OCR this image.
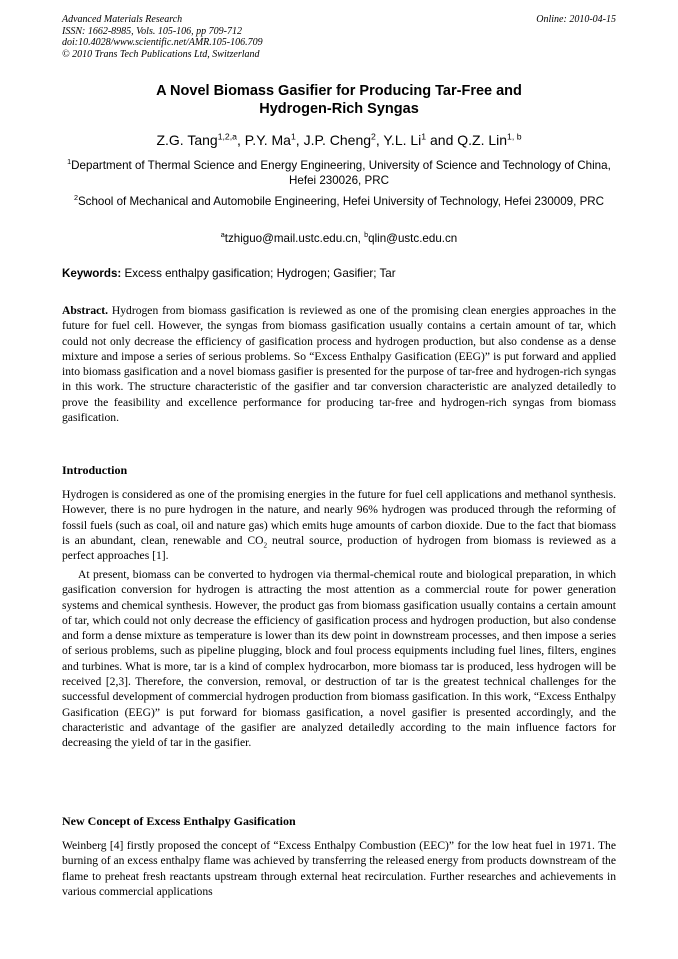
Advanced Materials Research
ISSN: 1662-8985, Vols. 105-106, pp 709-712
doi:10.4028/www.scientific.net/AMR.105-106.709
© 2010 Trans Tech Publications Ltd, Switzerland
Online: 2010-04-15
A Novel Biomass Gasifier for Producing Tar-Free and
Hydrogen-Rich Syngas
Z.G. Tang$^{1,2,a}$, P.Y. Ma$^1$, J.P. Cheng$^2$, Y.L. Li$^1$ and Q.Z. Lin$^{1, b}$
$^1$Department of Thermal Science and Energy Engineering, University of Science and Technology of China, Hefei 230026, PRC
$^2$School of Mechanical and Automobile Engineering, Hefei University of Technology, Hefei 230009, PRC
$^a$tzhiguo@mail.ustc.edu.cn, $^b$qlin@ustc.edu.cn
Keywords: Excess enthalpy gasification; Hydrogen; Gasifier; Tar
Abstract. Hydrogen from biomass gasification is reviewed as one of the promising clean energies approaches in the future for fuel cell. However, the syngas from biomass gasification usually contains a certain amount of tar, which could not only decrease the efficiency of gasification process and hydrogen production, but also condense as a dense mixture and impose a series of serious problems. So “Excess Enthalpy Gasification (EEG)” is put forward and applied into biomass gasification and a novel biomass gasifier is presented for the purpose of tar-free and hydrogen-rich syngas in this work. The structure characteristic of the gasifier and tar conversion characteristic are analyzed detailedly to prove the feasibility and excellence performance for producing tar-free and hydrogen-rich syngas from biomass gasification.
Introduction
Hydrogen is considered as one of the promising energies in the future for fuel cell applications and methanol synthesis. However, there is no pure hydrogen in the nature, and nearly 96% hydrogen was produced through the reforming of fossil fuels (such as coal, oil and nature gas) which emits huge amounts of carbon dioxide. Due to the fact that biomass is an abundant, clean, renewable and $CO_2$ neutral source, production of hydrogen from biomass is reviewed as a perfect approaches [1].
At present, biomass can be converted to hydrogen via thermal-chemical route and biological preparation, in which gasification conversion for hydrogen is attracting the most attention as a commercial route for power generation systems and chemical synthesis. However, the product gas from biomass gasification usually contains a certain amount of tar, which could not only decrease the efficiency of gasification process and hydrogen production, but also condense and form a dense mixture as temperature is lower than its dew point in downstream processes, and then impose a series of serious problems, such as pipeline plugging, block and foul process equipments including fuel lines, filters, engines and turbines. What is more, tar is a kind of complex hydrocarbon, more biomass tar is produced, less hydrogen will be received [2,3]. Therefore, the conversion, removal, or destruction of tar is the greatest technical challenges for the successful development of commercial hydrogen production from biomass gasification. In this work, “Excess Enthalpy Gasification (EEG)” is put forward for biomass gasification, a novel gasifier is presented accordingly, and the characteristic and advantage of the gasifier are analyzed detailedly according to the main influence factors for decreasing the yield of tar in the gasifier.
New Concept of Excess Enthalpy Gasification
Weinberg [4] firstly proposed the concept of “Excess Enthalpy Combustion (EEC)” for the low heat fuel in 1971. The burning of an excess enthalpy flame was achieved by transferring the released energy from products downstream of the flame to preheat fresh reactants upstream through external heat recirculation. Further researches and achievements in various commercial applications
